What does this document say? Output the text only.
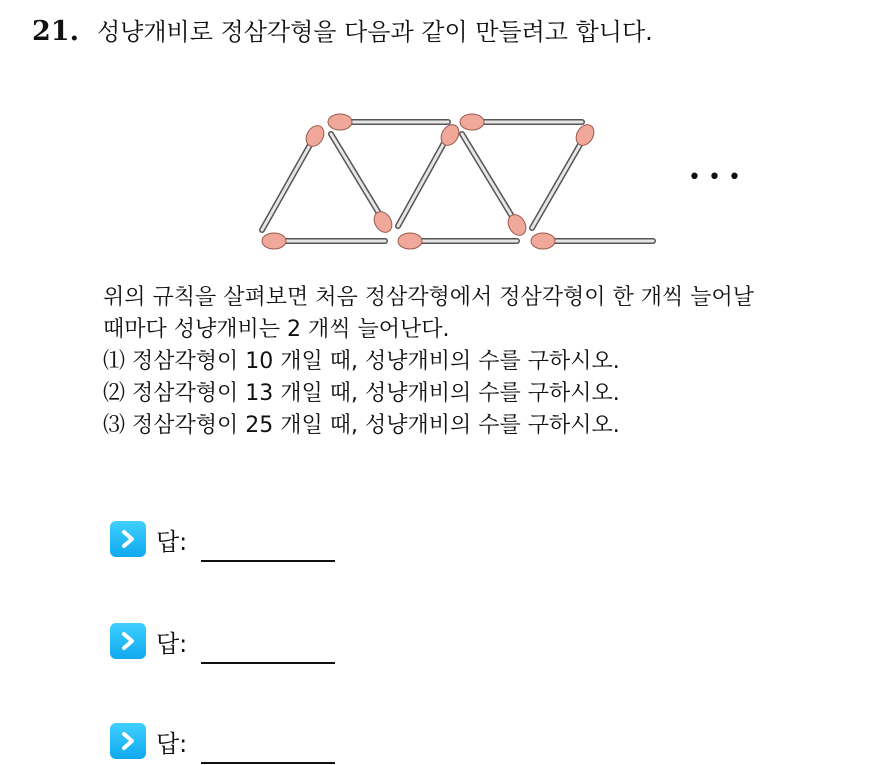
21. 성냥개비로 정삼각형을 다음과 같이 만들려고 합니다.
• • •

위의 규칙을 살펴보면 처음 정삼각형에서 정삼각형이 한 개씩 늘어날

때마다 성냥개비는 2 개씩 늘어난다.

⑴ 정삼각형이 10 개일 때, 성냥개비의 수를 구하시오.

⑵ 정삼각형이 13 개일 때, 성냥개비의 수를 구하시오.

⑶ 정삼각형이 25 개일 때, 성냥개비의 수를 구하시오.

답:
답:
답:
